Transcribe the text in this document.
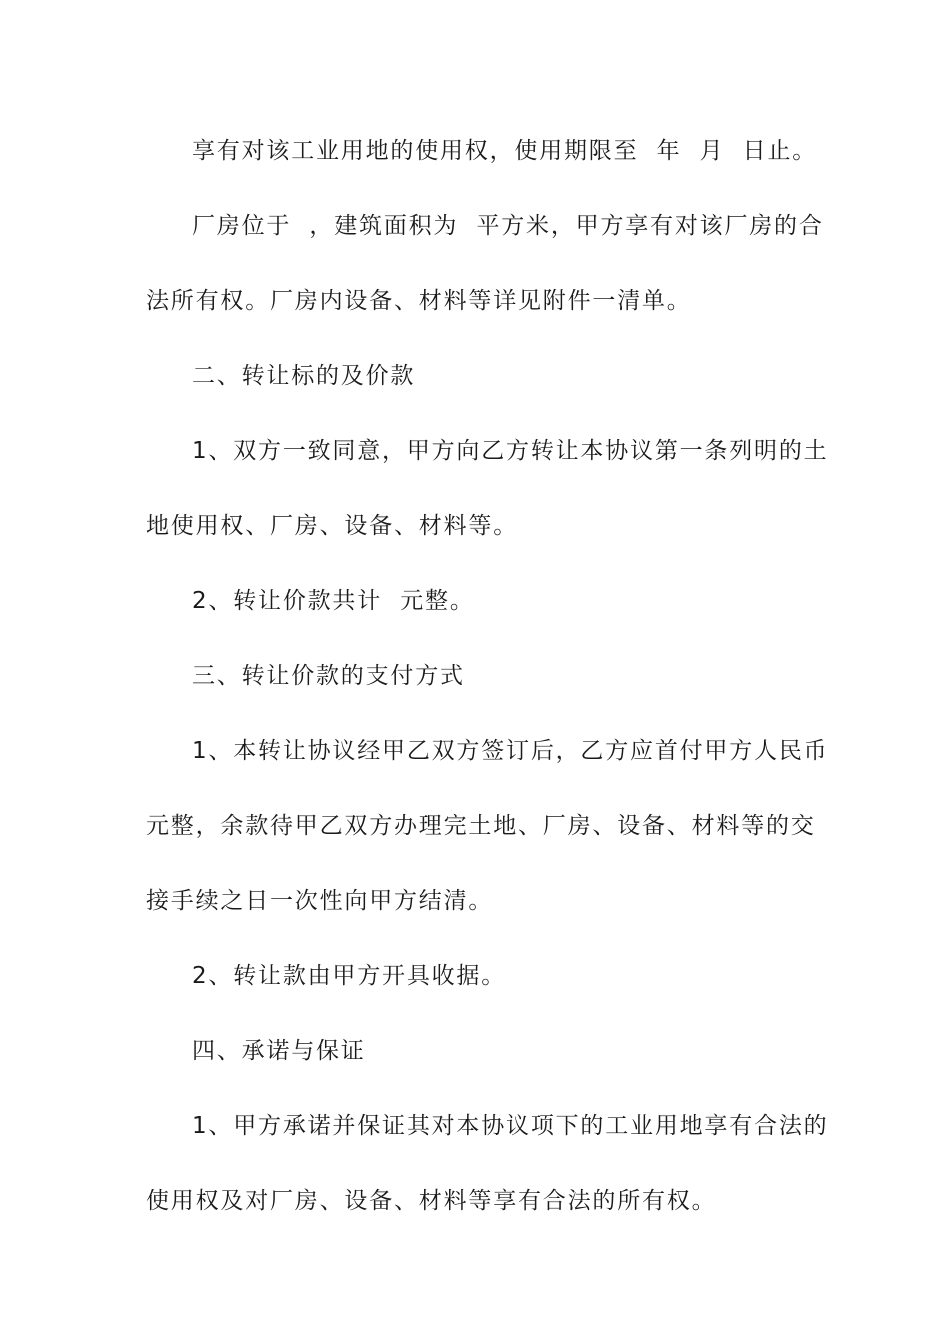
享有对该工业用地的使用权，使用期限至  年  月  日止。
厂房位于  ，建筑面积为  平方米，甲方享有对该厂房的合
法所有权。厂房内设备、材料等详见附件一清单。
二、转让标的及价款
1、双方一致同意，甲方向乙方转让本协议第一条列明的土
地使用权、厂房、设备、材料等。
2、转让价款共计  元整。
三、转让价款的支付方式
1、本转让协议经甲乙双方签订后，乙方应首付甲方人民币
元整，余款待甲乙双方办理完土地、厂房、设备、材料等的交
接手续之日一次性向甲方结清。
2、转让款由甲方开具收据。
四、承诺与保证
1、甲方承诺并保证其对本协议项下的工业用地享有合法的
使用权及对厂房、设备、材料等享有合法的所有权。
